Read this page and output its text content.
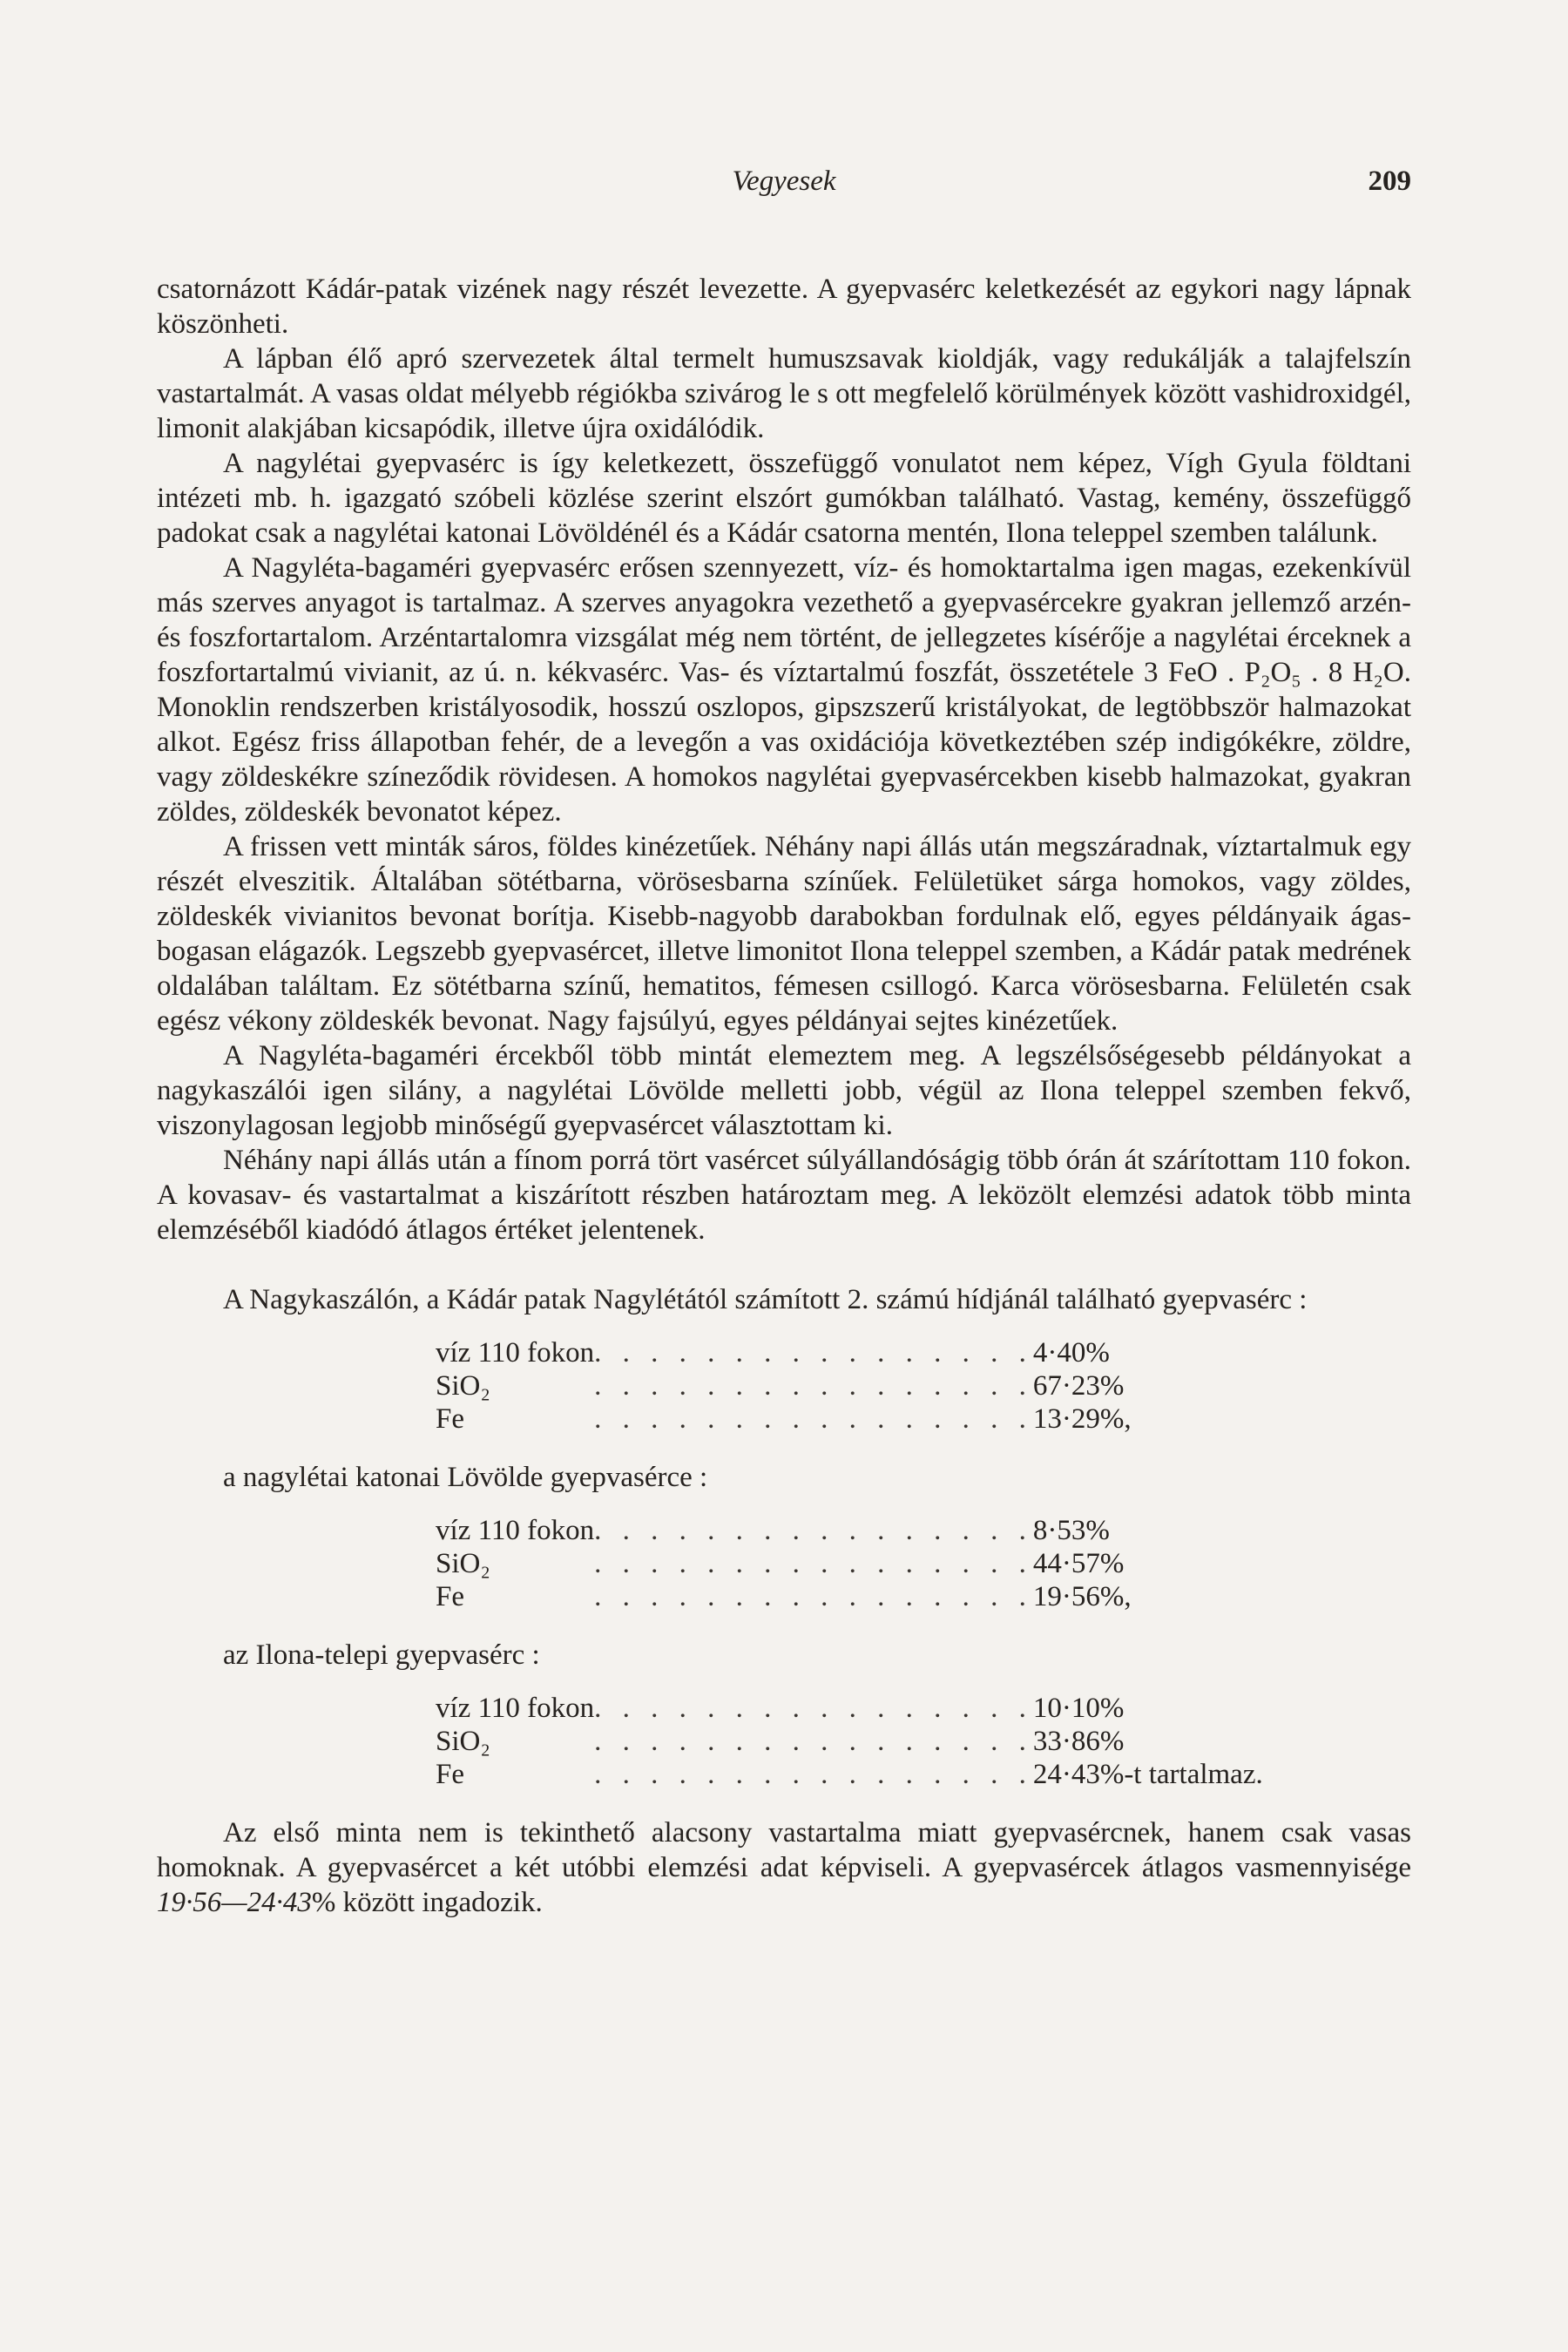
Vegyesek	209

csatornázott Kádár-patak vizének nagy részét levezette. A gyepvasérc keletkezését az egykori nagy lápnak köszönheti.

A lápban élő apró szervezetek által termelt humuszsavak kioldják, vagy redukálják a talajfelszín vastartalmát. A vasas oldat mélyebb régiókba szivárog le s ott megfelelő körülmények között vashidroxidgél, limonit alakjában kicsapódik, illetve újra oxidálódik.

A nagylétai gyepvasérc is így keletkezett, összefüggő vonulatot nem képez, Vígh Gyula földtani intézeti mb. h. igazgató szóbeli közlése szerint elszórt gumókban található. Vastag, kemény, összefüggő padokat csak a nagylétai katonai Lövöldénél és a Kádár csatorna mentén, Ilona teleppel szemben találunk.

A Nagyléta-bagaméri gyepvasérc erősen szennyezett, víz- és homoktartalma igen magas, ezekenkívül más szerves anyagot is tartalmaz. A szerves anyagokra vezethető a gyepvasércekre gyakran jellemző arzén- és foszfortartalom. Arzéntartalomra vizsgálat még nem történt, de jellegzetes kísérője a nagylétai érceknek a foszfortartalmú vivianit, az ú. n. kékvasérc. Vas- és víztartalmú foszfát, összetétele 3 FeO . P₂O₅ . 8 H₂O. Monoklin rendszerben kristályosodik, hosszú oszlopos, gipszszerű kristályokat, de legtöbbször halmazokat alkot. Egész friss állapotban fehér, de a levegőn a vas oxidációja következtében szép indigókékre, zöldre, vagy zöldeskékre színeződik rövidesen. A homokos nagylétai gyepvasércekben kisebb halmazokat, gyakran zöldes, zöldeskék bevonatot képez.

A frissen vett minták sáros, földes kinézetűek. Néhány napi állás után megszáradnak, víztartalmuk egy részét elveszitik. Általában sötétbarna, vörösesbarna színűek. Felületüket sárga homokos, vagy zöldes, zöldeskék vivianitos bevonat borítja. Kisebb-nagyobb darabokban fordulnak elő, egyes példányaik ágas-bogasan elágazók. Legszebb gyepvasércet, illetve limonitot Ilona teleppel szemben, a Kádár patak medrének oldalában találtam. Ez sötétbarna színű, hematitos, fémesen csillogó. Karca vörösesbarna. Felületén csak egész vékony zöldeskék bevonat. Nagy fajsúlyú, egyes példányai sejtes kinézetűek.

A Nagyléta-bagaméri ércekből több mintát elemeztem meg. A legszélsőségesebb példányokat a nagykaszálói igen silány, a nagylétai Lövölde melletti jobb, végül az Ilona teleppel szemben fekvő, viszonylagosan legjobb minőségű gyepvasércet választottam ki.

Néhány napi állás után a fínom porrá tört vasércet súlyállandóságig több órán át szárítottam 110 fokon. A kovasav- és vastartalmat a kiszárított részben határoztam meg. A leközölt elemzési adatok több minta elemzéséből kiadódó átlagos értéket jelentenek.

A Nagykaszálón, a Kádár patak Nagylétától számított 2. számú hídjánál található gyepvasérc :

víz 110 fokon	. . . . . . . . . . . . . . . .	4·40%
SiO₂	. . . . . . . . . . . . . . . .	67·23%
Fe	. . . . . . . . . . . . . . . .	13·29%,

a nagylétai katonai Lövölde gyepvasérce :

víz 110 fokon	. . . . . . . . . . . . . . . .	8·53%
SiO₂	. . . . . . . . . . . . . . . .	44·57%
Fe	. . . . . . . . . . . . . . . .	19·56%,

az Ilona-telepi gyepvasérc :

víz 110 fokon	. . . . . . . . . . . . . . . .	10·10%
SiO₂	. . . . . . . . . . . . . . . .	33·86%
Fe	. . . . . . . . . . . . . . . .	24·43%-t tartalmaz.

Az első minta nem is tekinthető alacsony vastartalma miatt gyepvasércnek, hanem csak vasas homoknak. A gyepvasércet a két utóbbi elemzési adat képviseli. A gyepvasércek átlagos vasmennyisége 19·56—24·43% között ingadozik.
